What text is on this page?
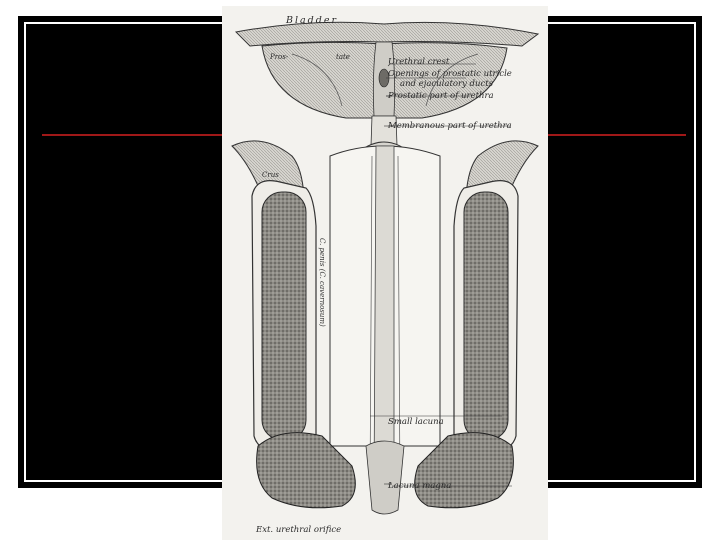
Bladder
Pros-	tate	Urethral crest
Openings of prostatic utricle
and ejaculatory ducts
Prostatic part of urethra
Membranous part of urethra
Crus
C. penis (C. cavernosum)
Small lacuna
Lacuna magna
Ext. urethral orifice
